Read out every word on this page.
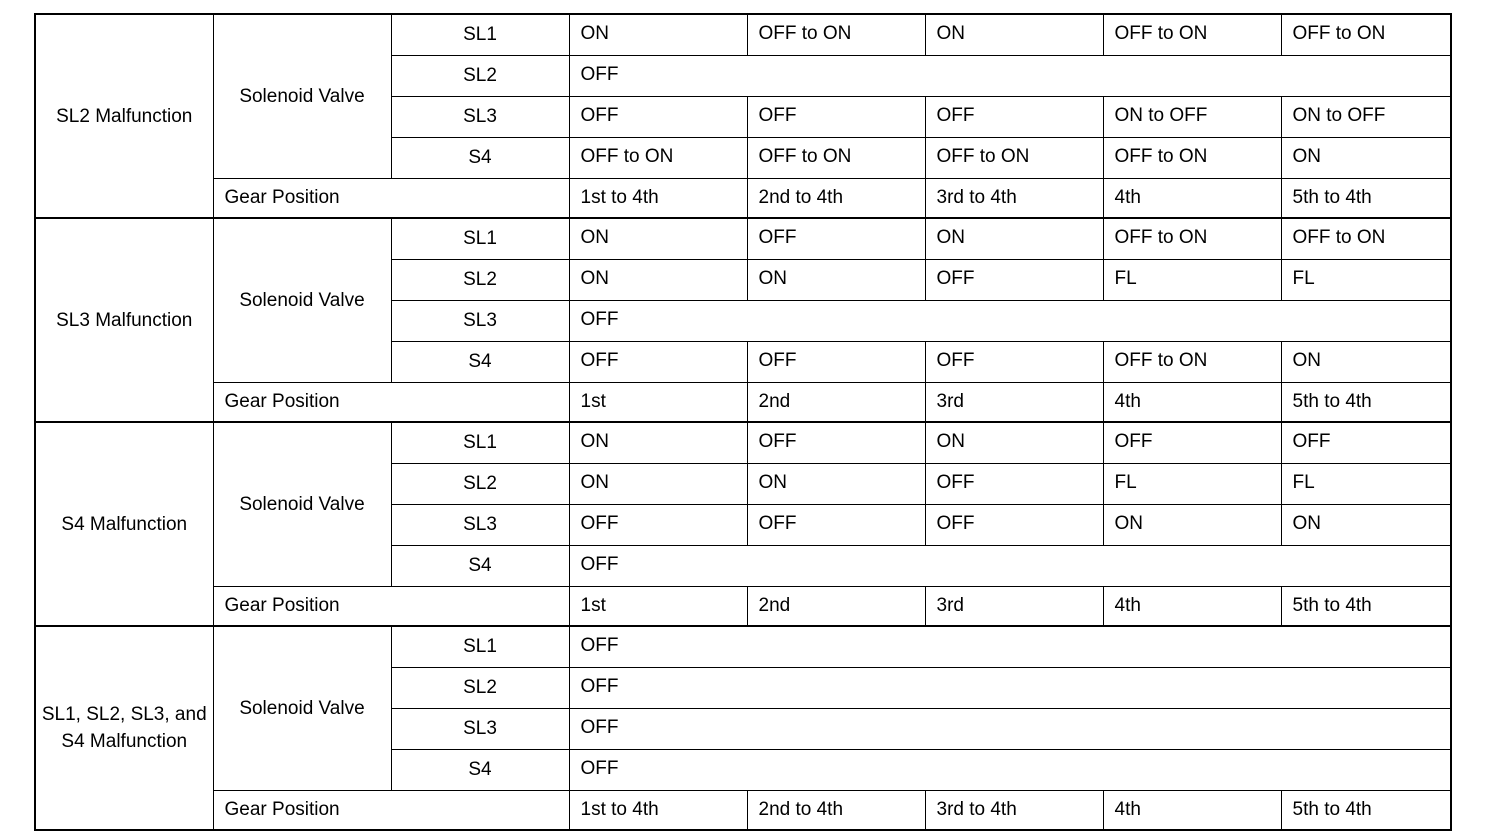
SL2 Malfunction	Solenoid Valve	SL1	ON	OFF to ON	ON	OFF to ON	OFF to ON
		SL2	OFF				
		SL3	OFF	OFF	OFF	ON to OFF	ON to OFF
		S4	OFF to ON	OFF to ON	OFF to ON	OFF to ON	ON
	Gear Position		1st to 4th	2nd to 4th	3rd to 4th	4th	5th to 4th
SL3 Malfunction	Solenoid Valve	SL1	ON	OFF	ON	OFF to ON	OFF to ON
		SL2	ON	ON	OFF	FL	FL
		SL3	OFF				
		S4	OFF	OFF	OFF	OFF to ON	ON
	Gear Position		1st	2nd	3rd	4th	5th to 4th
S4 Malfunction	Solenoid Valve	SL1	ON	OFF	ON	OFF	OFF
		SL2	ON	ON	OFF	FL	FL
		SL3	OFF	OFF	OFF	ON	ON
		S4	OFF				
	Gear Position		1st	2nd	3rd	4th	5th to 4th
SL1, SL2, SL3, and S4 Malfunction	Solenoid Valve	SL1	OFF				
		SL2	OFF				
		SL3	OFF				
		S4	OFF				
	Gear Position		1st to 4th	2nd to 4th	3rd to 4th	4th	5th to 4th
